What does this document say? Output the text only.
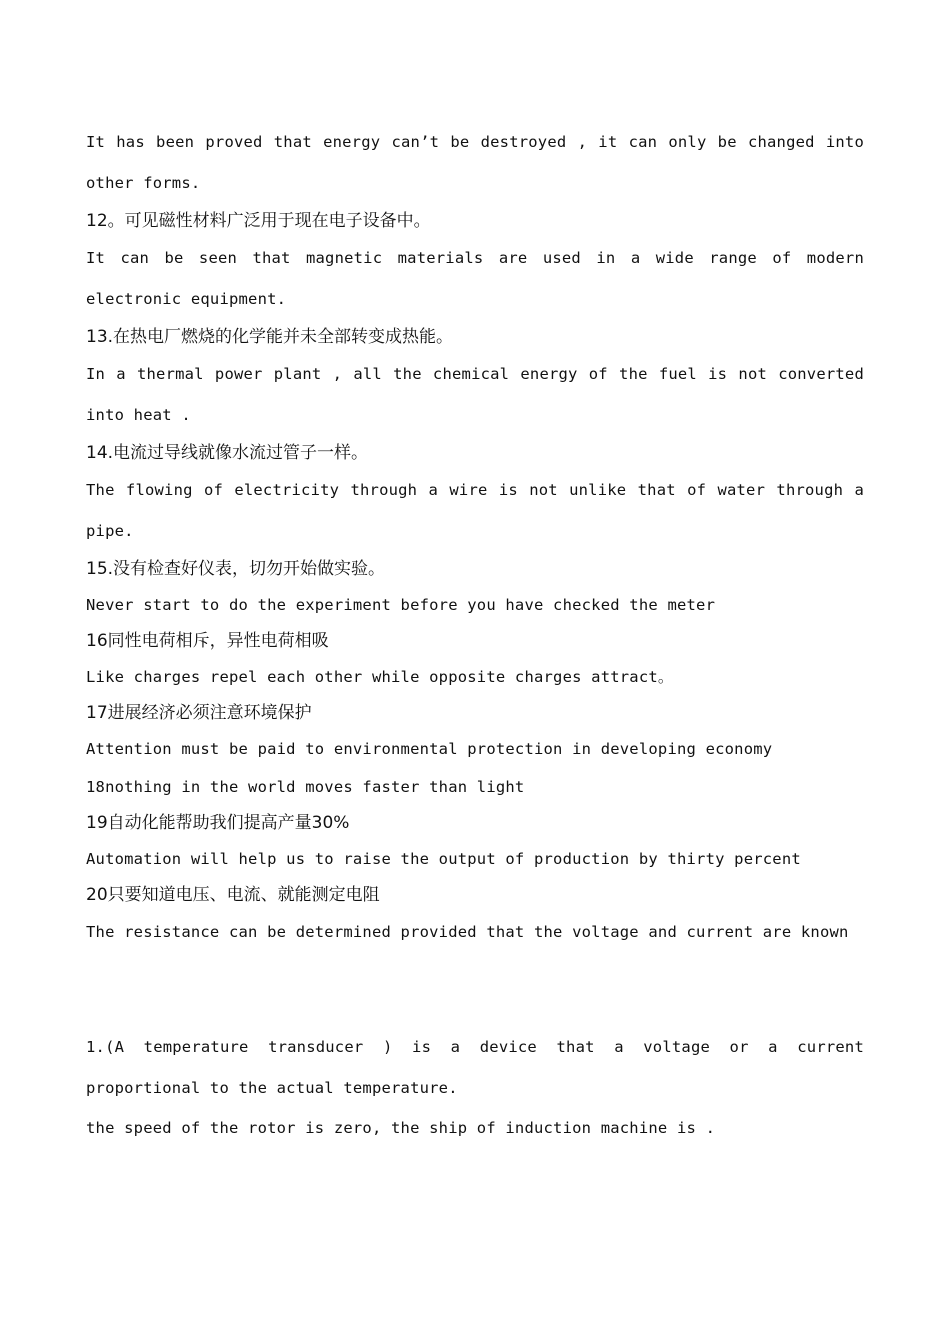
It has been proved that energy can’t be destroyed , it can only be changed into other forms.

12。可见磁性材料广泛用于现在电子设备中。

It can be seen that magnetic materials are used in a wide range of modern electronic equipment.

13.在热电厂燃烧的化学能并未全部转变成热能。

In a thermal power plant , all the chemical energy of the fuel is not converted into heat .

14.电流过导线就像水流过管子一样。

The flowing of electricity through a wire is not unlike that of water through a pipe.

15.没有检查好仪表，切勿开始做实验。

Never start to do the experiment before you have checked the meter

16同性电荷相斥，异性电荷相吸

Like charges repel each other while opposite charges attract。

17进展经济必须注意环境保护

Attention must be paid to environmental protection in developing economy

18nothing in the world moves faster than light

19自动化能帮助我们提高产量30%

Automation will help us to raise the output of production by thirty percent

20只要知道电压、电流、就能测定电阻

The resistance can be determined provided that the voltage and current are known

1.(A temperature transducer ) is a device that a voltage or a current proportional to the actual temperature.

the speed of the rotor is zero, the ship of induction machine is .
